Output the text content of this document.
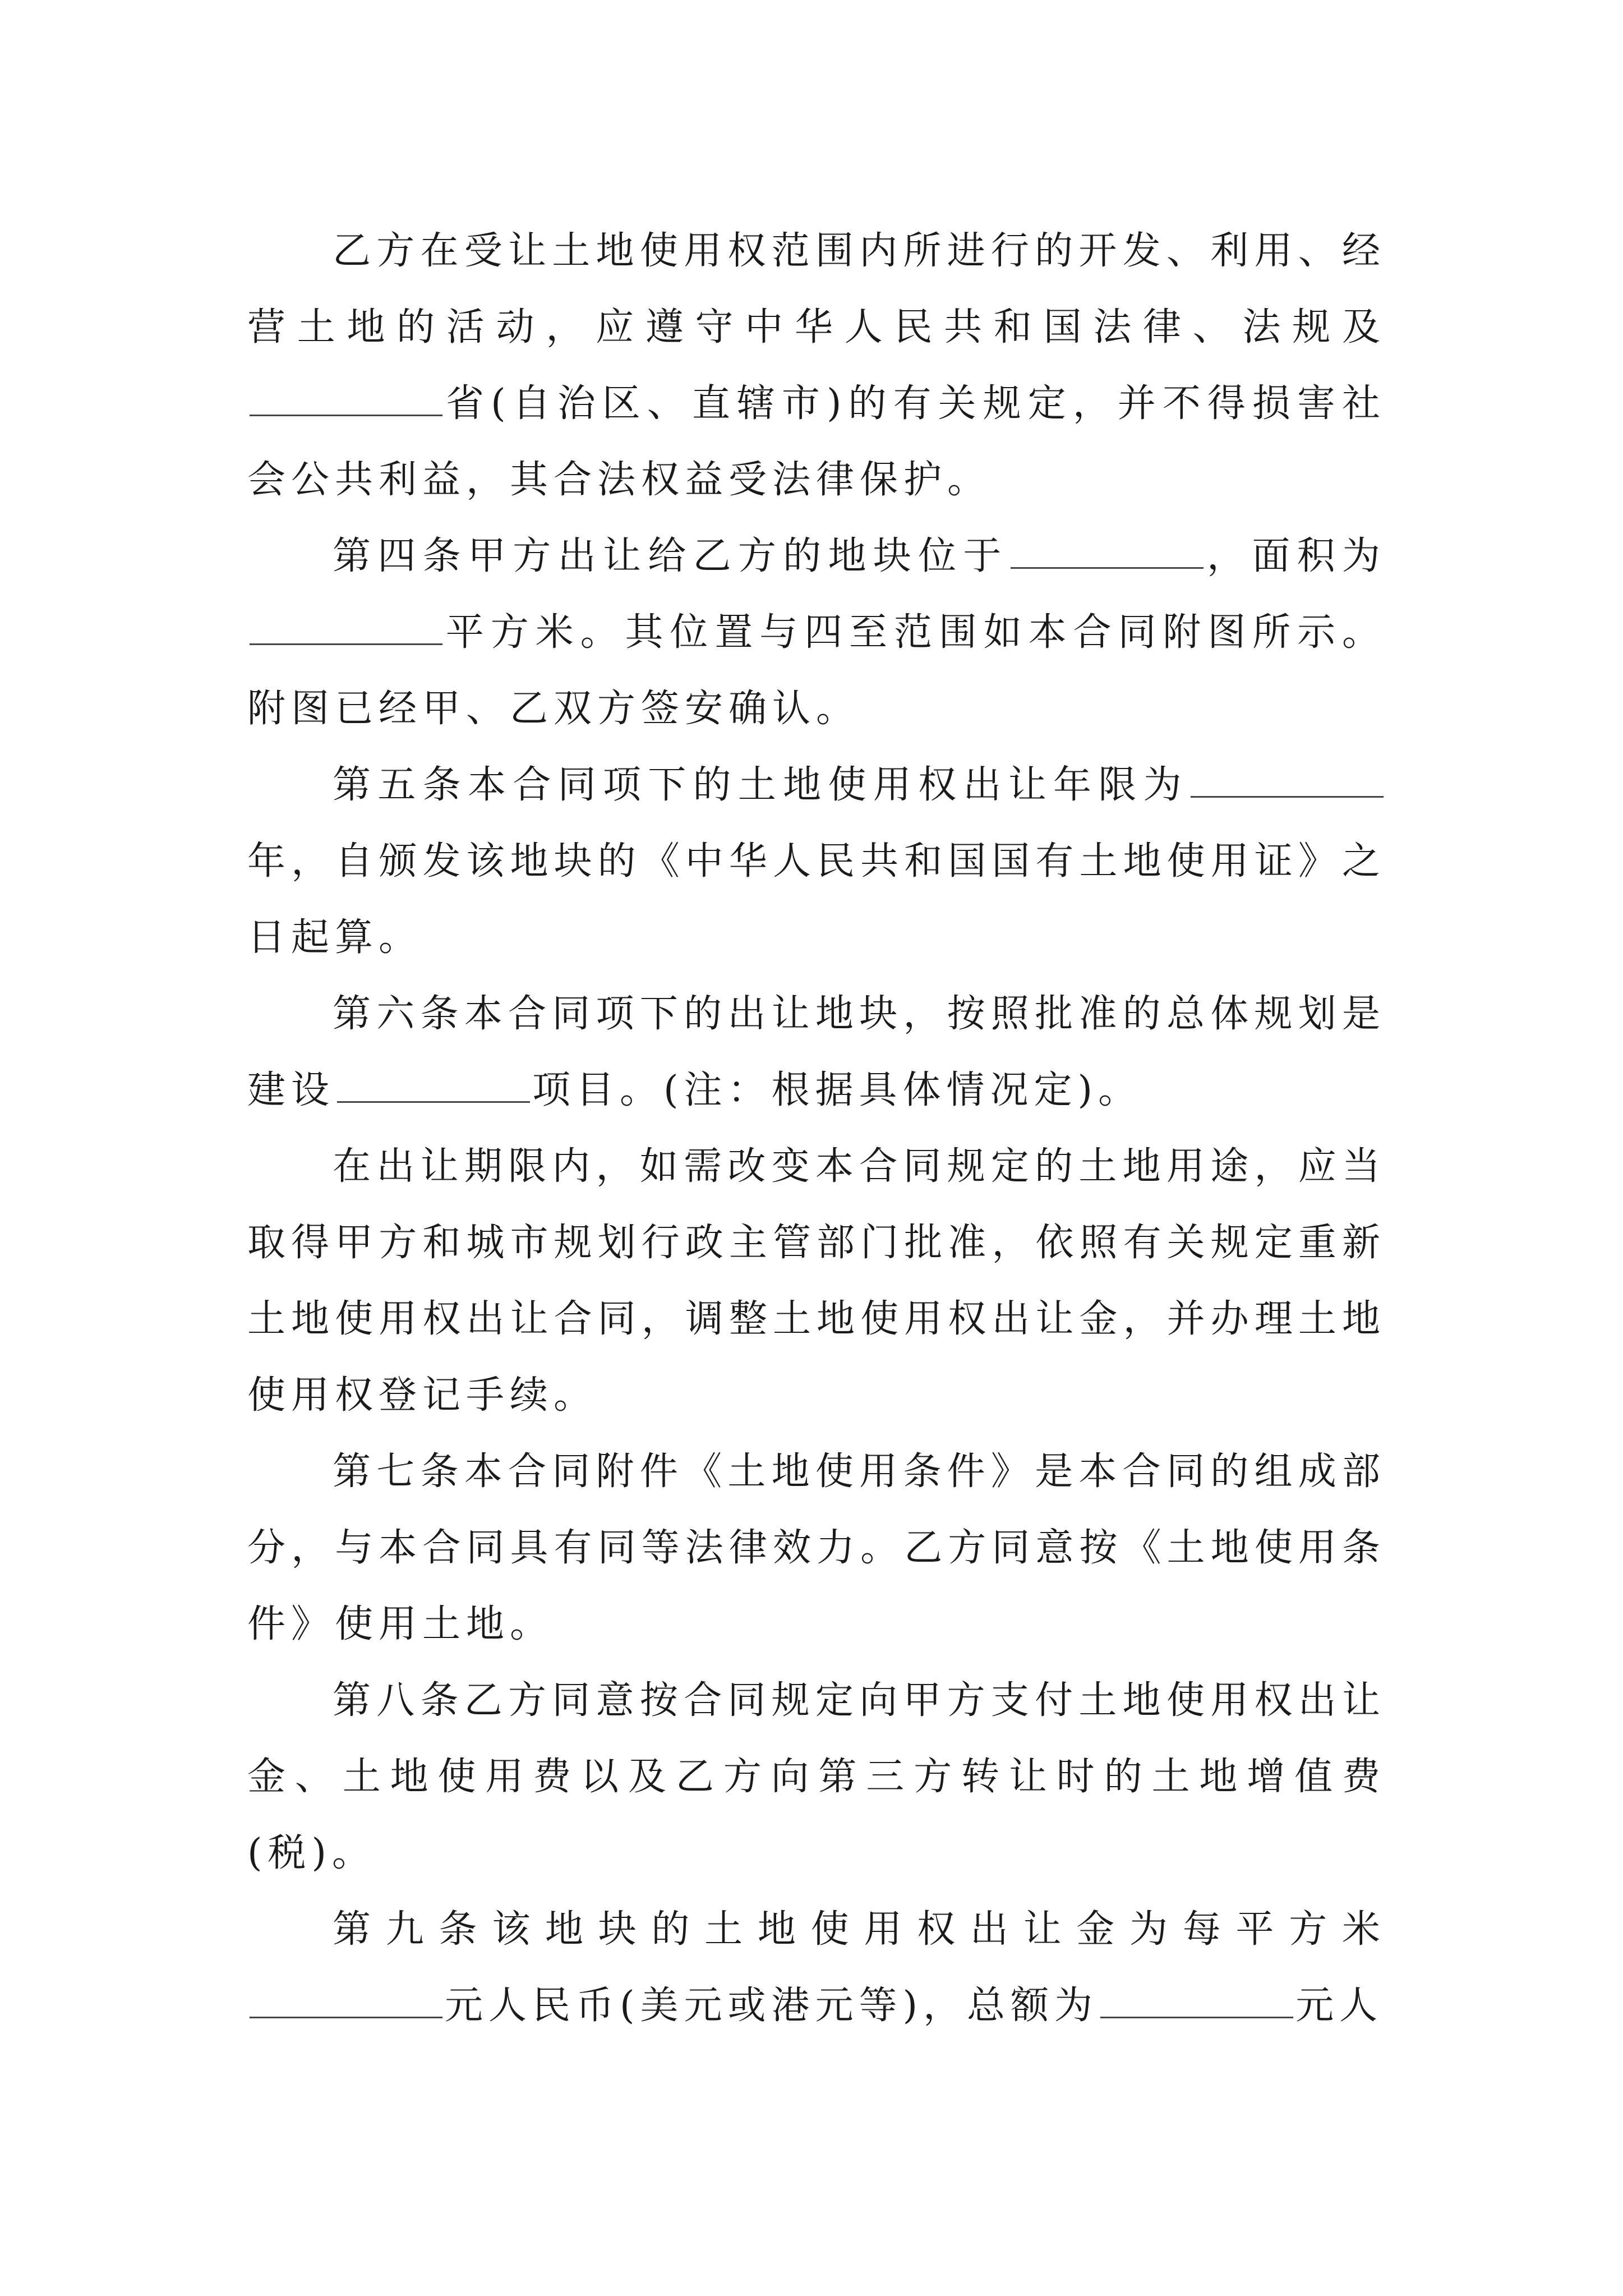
乙方在受让土地使用权范围内所进行的开发、利用、经营土地的活动，应遵守中华人民共和国法律、法规及省(自治区、直辖市)的有关规定，并不得损害社会公共利益，其合法权益受法律保护。

第四条甲方出让给乙方的地块位于	，面积为平方米。其位置与四至范围如本合同附图所示。附图已经甲、乙双方签安确认。

第五条本合同项下的土地使用权出让年限为年，自颁发该地块的《中华人民共和国国有土地使用证》之日起算。

第六条本合同项下的出让地块，按照批准的总体规划是建设	项目。(注：根据具体情况定)。

在出让期限内，如需改变本合同规定的土地用途，应当取得甲方和城市规划行政主管部门批准，依照有关规定重新土地使用权出让合同，调整土地使用权出让金，并办理土地使用权登记手续。

第七条本合同附件《土地使用条件》是本合同的组成部分，与本合同具有同等法律效力。乙方同意按《土地使用条件》使用土地。

第八条乙方同意按合同规定向甲方支付土地使用权出让金、土地使用费以及乙方向第三方转让时的土地增值费(税)。

第九条该地块的土地使用权出让金为每平方米元人民币(美元或港元等)，总额为	元人
